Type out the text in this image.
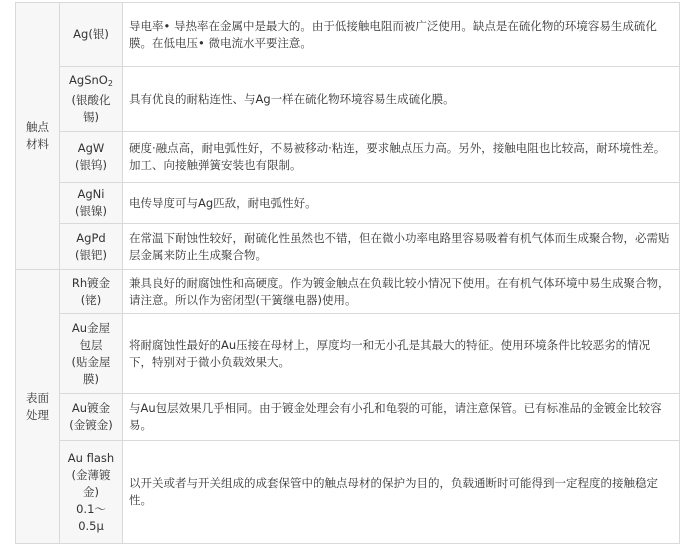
触点
材料	Ag(银)	导电率• 导热率在金属中是最大的。由于低接触电阻而被广泛使用。缺点是在硫化物的环境容易生成硫化膜。在低电压• 微电流水平要注意。

	AgSnO$_2$
(银酸化
锡)	具有优良的耐粘连性、与Ag一样在硫化物环境容易生成硫化膜。

	AgW
(银钨)	硬度·融点高，耐电弧性好，不易被移动·粘连，要求触点压力高。另外，接触电阻也比较高，耐环境性差。加工、向接触弹簧安装也有限制。

	AgNi
(银镍)	电传导度可与Ag匹敌，耐电弧性好。

	AgPd
(银钯)	在常温下耐蚀性较好，耐硫化性虽然也不错，但在微小功率电路里容易吸着有机气体而生成聚合物，必需贴层金属来防止生成聚合物。

表面
处理	Rh镀金
(铑)	兼具良好的耐腐蚀性和高硬度。作为镀金触点在负载比较小情况下使用。在有机气体环境中易生成聚合物，请注意。所以作为密闭型(干簧继电器)使用。

	Au金屋
包层
(贴金屋
膜)	将耐腐蚀性最好的Au压接在母材上，厚度均一和无小孔是其最大的特征。使用环境条件比较恶劣的情况下，特别对于微小负载效果大。

	Au镀金
(金镀金)	与Au包层效果几乎相同。由于镀金处理会有小孔和龟裂的可能，请注意保管。已有标准品的金镀金比较容易。

	Au flash
(金薄镀
金)
0.1～
0.5μ	以开关或者与开关组成的成套保管中的触点母材的保护为目的，负载通断时可能得到一定程度的接触稳定性。
